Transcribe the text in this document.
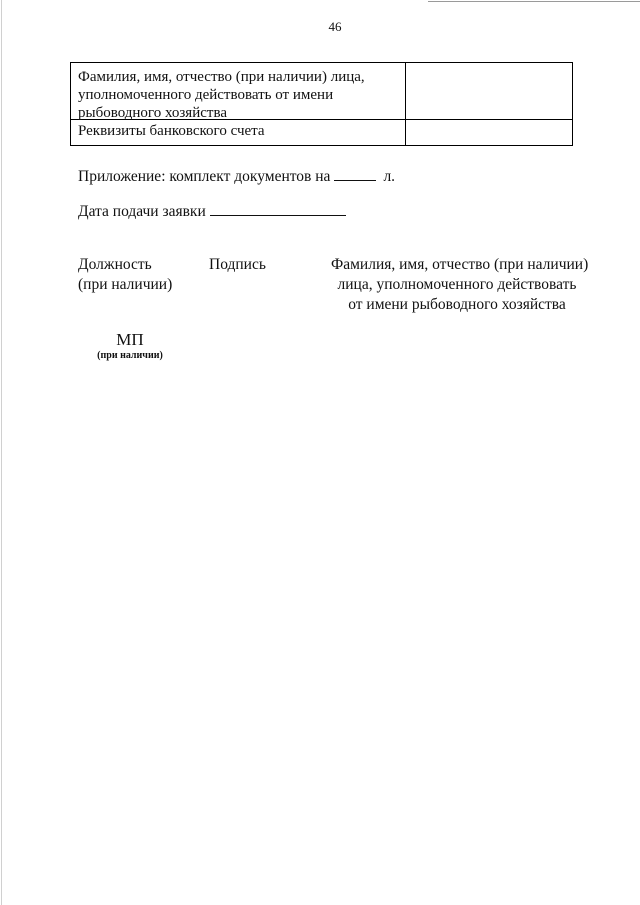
46
Фамилия, имя, отчество (при наличии) лица,
уполномоченного действовать от имени
рыбоводного хозяйства
Реквизиты банковского счета
Приложение: комплект документов на	л.
Дата подачи заявки
Должность
(при наличии)
Подпись	Фамилия, имя, отчество (при наличии)
лица, уполномоченного действовать
от имени рыбоводного хозяйства
МП
(при наличии)
